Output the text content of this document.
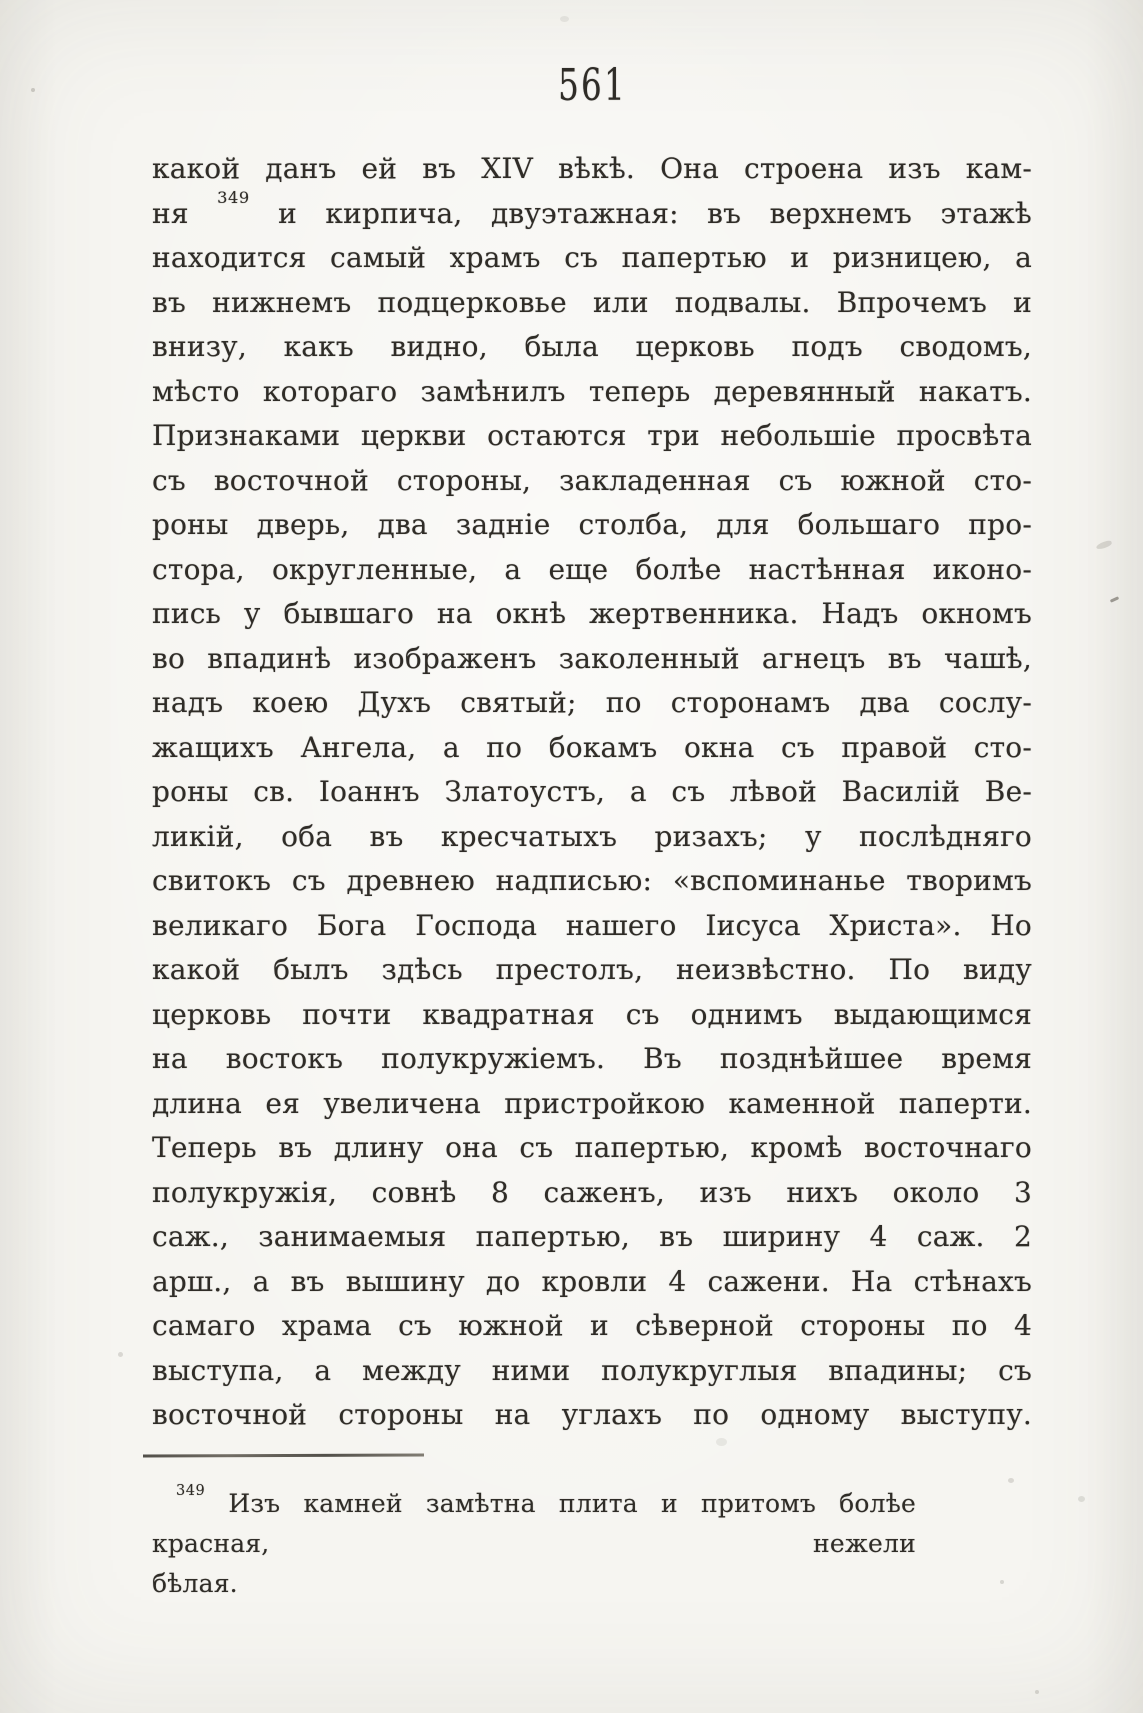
561
какой данъ ей въ XIV вѣкѣ. Она строена изъ кам-
ня $^{349}$ и кирпича, двуэтажная: въ верхнемъ этажѣ
находится самый храмъ съ папертью и ризницею, а
въ нижнемъ подцерковье или подвалы. Впрочемъ и
внизу, какъ видно, была церковь подъ сводомъ,
мѣсто котораго замѣнилъ теперь деревянный накатъ.
Признаками церкви остаются три небольшіе просвѣта
съ восточной стороны, закладенная съ южной сто-
роны дверь, два задніе столба, для большаго про-
стора, округленные, а еще болѣе настѣнная иконо-
пись у бывшаго на окнѣ жертвенника. Надъ окномъ
во впадинѣ изображенъ заколенный агнецъ въ чашѣ,
надъ коею Духъ святый; по сторонамъ два сослу-
жащихъ Ангела, а по бокамъ окна съ правой сто-
роны св. Іоаннъ Златоустъ, а съ лѣвой Василій Ве-
ликій, оба въ кресчатыхъ ризахъ; у послѣдняго
свитокъ съ древнею надписью: «вспоминанье творимъ
великаго Бога Господа нашего Іисуса Христа». Но
какой былъ здѣсь престолъ, неизвѣстно. По виду
церковь почти квадратная съ однимъ выдающимся
на востокъ полукружіемъ. Въ позднѣйшее время
длина ея увеличена пристройкою каменной паперти.
Теперь въ длину она съ папертью, кромѣ восточнаго
полукружія, совнѣ 8 саженъ, изъ нихъ около 3
саж., занимаемыя папертью, въ ширину 4 саж. 2
арш., а въ вышину до кровли 4 сажени. На стѣнахъ
самаго храма съ южной и сѣверной стороны по 4
выступа, а между ними полукруглыя впадины; съ
восточной стороны на углахъ по одному выступу.
$^{349}$ Изъ камней замѣтна плита и притомъ болѣе красная, нежели
бѣлая.
